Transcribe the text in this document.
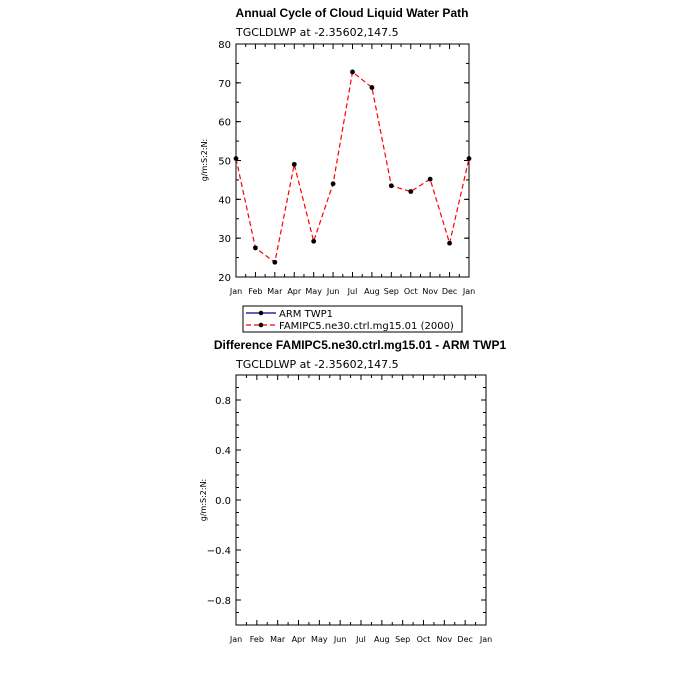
Annual Cycle of Cloud Liquid Water Path
TGCLDLWP at -2.35602,147.5
g/m:S:2:N:
Jan Feb Mar Apr May Jun Jul Aug Sep Oct Nov Dec Jan
20
30
40
50
60
70
80
ARM TWP1
FAMIPC5.ne30.ctrl.mg15.01 (2000)
Difference FAMIPC5.ne30.ctrl.mg15.01 - ARM TWP1
TGCLDLWP at -2.35602,147.5
g/m:S:2:N:
Jan Feb Mar Apr May Jun Jul Aug Sep Oct Nov Dec Jan
−0.8
−0.4
0.0
0.4
0.8
